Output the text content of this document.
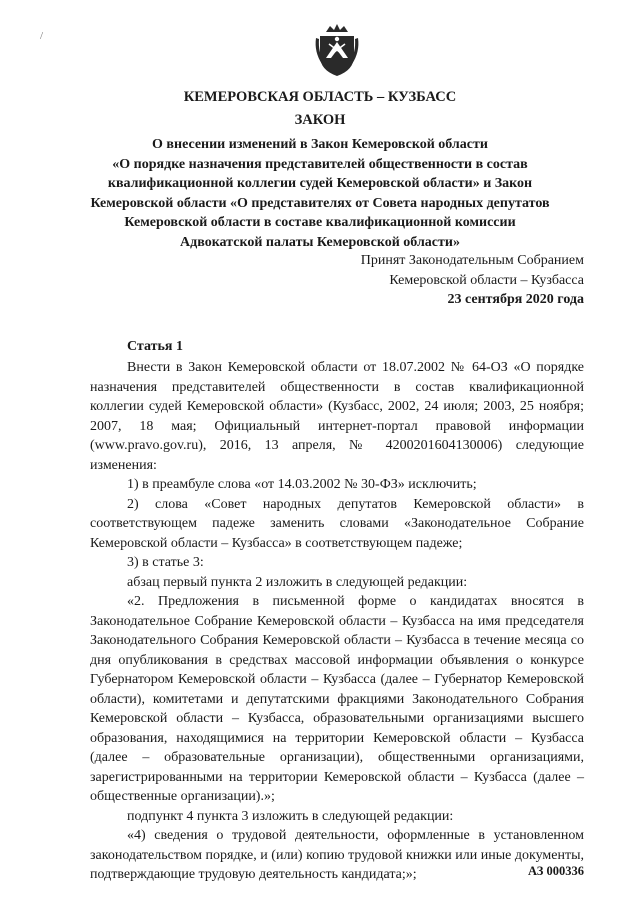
/
КЕМЕРОВСКАЯ ОБЛАСТЬ – КУЗБАСС
ЗАКОН
О внесении изменений в Закон Кемеровской области
«О порядке назначения представителей общественности в состав
квалификационной коллегии судей Кемеровской области» и Закон
Кемеровской области «О представителях от Совета народных депутатов
Кемеровской области в составе квалификационной комиссии
Адвокатской палаты Кемеровской области»
Принят Законодательным Собранием
Кемеровской области – Кузбасса
23 сентября 2020 года
Статья 1

Внести в Закон Кемеровской области от 18.07.2002 № 64-ОЗ «О порядке назначения представителей общественности в состав квалификационной коллегии судей Кемеровской области» (Кузбасс, 2002, 24 июля; 2003, 25 ноября; 2007, 18 мая; Официальный интернет-портал правовой информации (www.pravo.gov.ru), 2016, 13 апреля, № 4200201604130006) следующие изменения:

1) в преамбуле слова «от 14.03.2002 № 30-ФЗ» исключить;

2) слова «Совет народных депутатов Кемеровской области» в соответствующем падеже заменить словами «Законодательное Собрание Кемеровской области – Кузбасса» в соответствующем падеже;

3) в статье 3:

абзац первый пункта 2 изложить в следующей редакции:

«2. Предложения в письменной форме о кандидатах вносятся в Законодательное Собрание Кемеровской области – Кузбасса на имя председателя Законодательного Собрания Кемеровской области – Кузбасса в течение месяца со дня опубликования в средствах массовой информации объявления о конкурсе Губернатором Кемеровской области – Кузбасса (далее – Губернатор Кемеровской области), комитетами и депутатскими фракциями Законодательного Собрания Кемеровской области – Кузбасса, образовательными организациями высшего образования, находящимися на территории Кемеровской области – Кузбасса (далее – образовательные организации), общественными организациями, зарегистрированными на территории Кемеровской области – Кузбасса (далее – общественные организации).»;

подпункт 4 пункта 3 изложить в следующей редакции:

«4) сведения о трудовой деятельности, оформленные в установленном законодательством порядке, и (или) копию трудовой книжки или иные документы, подтверждающие трудовую деятельность кандидата;»;	АЗ 000336
